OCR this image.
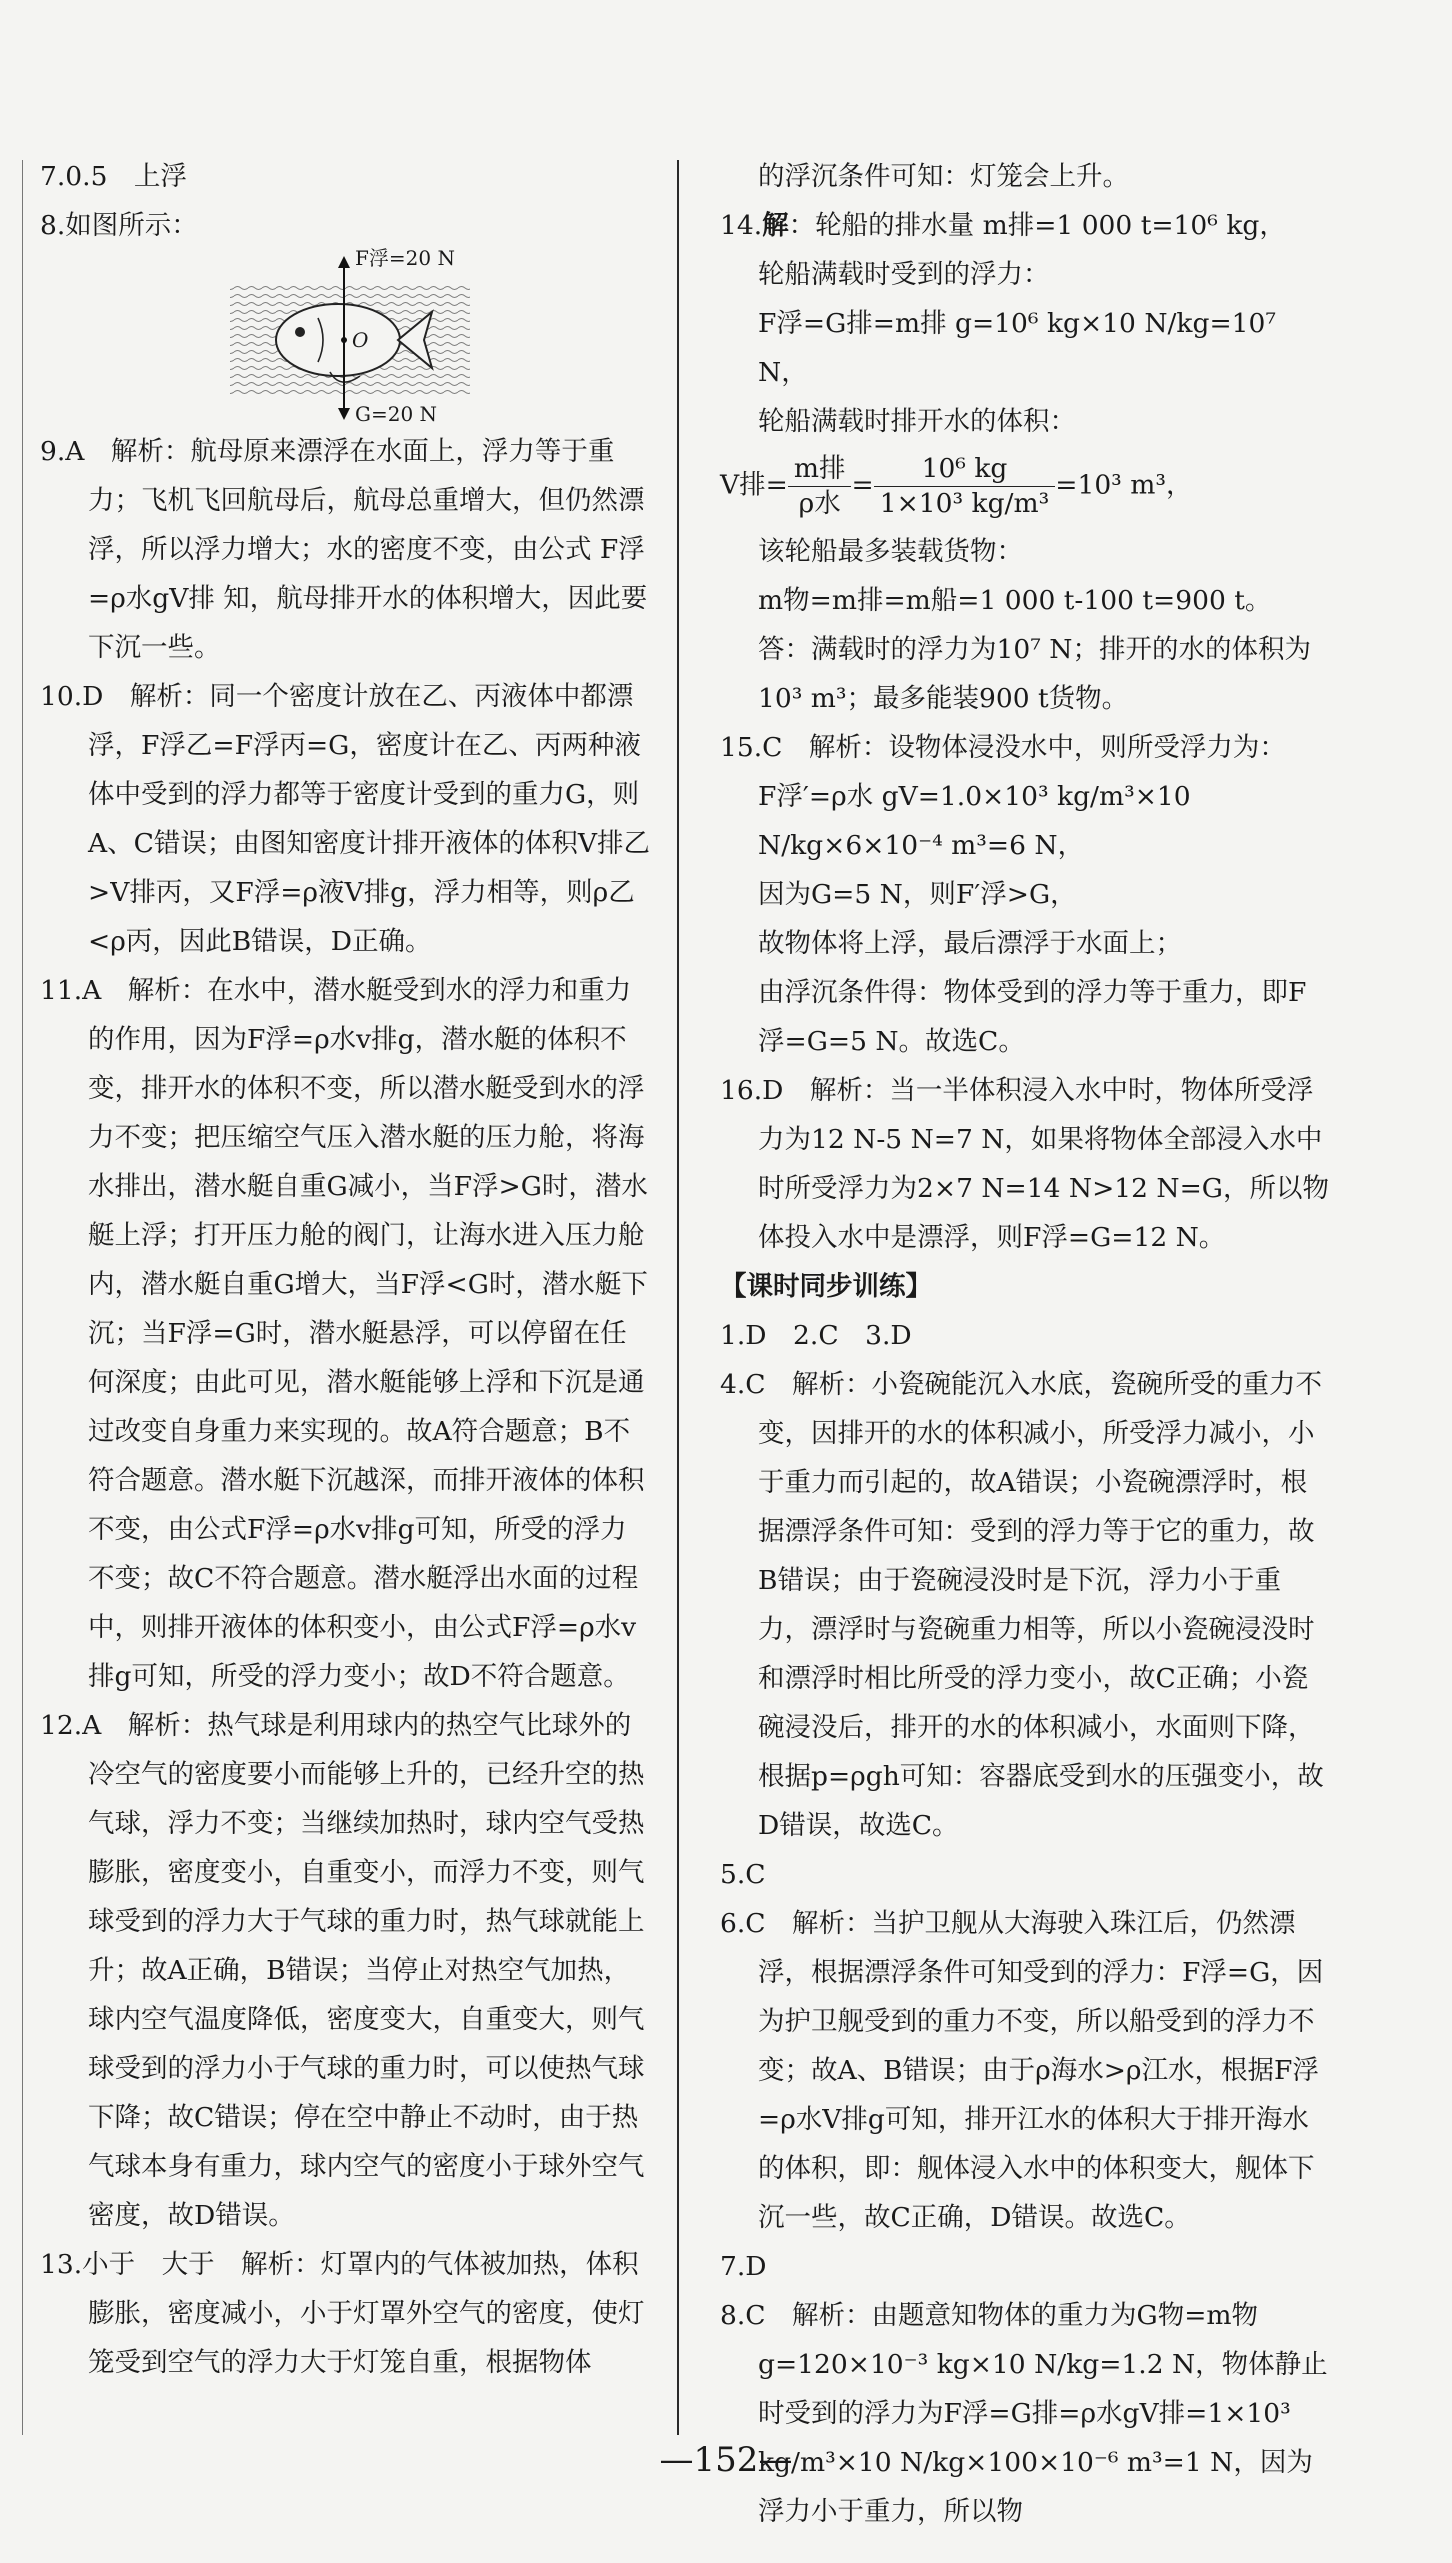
7.0.5　上浮

8.如图所示：

F浮=20 N
O
G=20 N

9.A　解析：航母原来漂浮在水面上，浮力等于重力；飞机飞回航母后，航母总重增大，但仍然漂浮，所以浮力增大；水的密度不变，由公式 F浮=ρ水gV排 知，航母排开水的体积增大，因此要下沉一些。

10.D　解析：同一个密度计放在乙、丙液体中都漂浮，F浮乙=F浮丙=G，密度计在乙、丙两种液体中受到的浮力都等于密度计受到的重力G，则A、C错误；由图知密度计排开液体的体积V排乙>V排丙，又F浮=ρ液V排g，浮力相等，则ρ乙<ρ丙，因此B错误，D正确。

11.A　解析：在水中，潜水艇受到水的浮力和重力的作用，因为F浮=ρ水v排g，潜水艇的体积不变，排开水的体积不变，所以潜水艇受到水的浮力不变；把压缩空气压入潜水艇的压力舱，将海水排出，潜水艇自重G减小，当F浮>G时，潜水艇上浮；打开压力舱的阀门，让海水进入压力舱内，潜水艇自重G增大，当F浮<G时，潜水艇下沉；当F浮=G时，潜水艇悬浮，可以停留在任何深度；由此可见，潜水艇能够上浮和下沉是通过改变自身重力来实现的。故A符合题意；B不符合题意。潜水艇下沉越深，而排开液体的体积不变，由公式F浮=ρ水v排g可知，所受的浮力不变；故C不符合题意。潜水艇浮出水面的过程中，则排开液体的体积变小，由公式F浮=ρ水v排g可知，所受的浮力变小；故D不符合题意。

12.A　解析：热气球是利用球内的热空气比球外的冷空气的密度要小而能够上升的，已经升空的热气球，浮力不变；当继续加热时，球内空气受热膨胀，密度变小，自重变小，而浮力不变，则气球受到的浮力大于气球的重力时，热气球就能上升；故A正确，B错误；当停止对热空气加热，球内空气温度降低，密度变大，自重变大，则气球受到的浮力小于气球的重力时，可以使热气球下降；故C错误；停在空中静止不动时，由于热气球本身有重力，球内空气的密度小于球外空气密度，故D错误。

13.小于　大于　解析：灯罩内的气体被加热，体积膨胀，密度减小，小于灯罩外空气的密度，使灯笼受到空气的浮力大于灯笼自重，根据物体

的浮沉条件可知：灯笼会上升。

14.解：轮船的排水量 m排=1 000 t=10⁶ kg，

轮船满载时受到的浮力：

F浮=G排=m排 g=10⁶ kg×10 N/kg=10⁷ N，

轮船满载时排开水的体积：

V排= $\frac{\text{m排}}{\text{ρ水}} = \frac{\text{10⁶ kg}}{\text{1×10³ kg/m³}} =10^3$ m³，

该轮船最多装载货物：

m物=m排=m船=1 000 t-100 t=900 t。

答：满载时的浮力为10⁷ N；排开的水的体积为10³ m³；最多能装900 t货物。

15.C　解析：设物体浸没水中，则所受浮力为：

F浮′=ρ水 gV=1.0×10³ kg/m³×10 N/kg×6×10⁻⁴ m³=6 N，

因为G=5 N，则F′浮>G，

故物体将上浮，最后漂浮于水面上；

由浮沉条件得：物体受到的浮力等于重力，即F浮=G=5 N。故选C。

16.D　解析：当一半体积浸入水中时，物体所受浮力为12 N-5 N=7 N，如果将物体全部浸入水中时所受浮力为2×7 N=14 N>12 N=G，所以物体投入水中是漂浮，则F浮=G=12 N。

【课时同步训练】

1.D　2.C　3.D

4.C　解析：小瓷碗能沉入水底，瓷碗所受的重力不变，因排开的水的体积减小，所受浮力减小，小于重力而引起的，故A错误；小瓷碗漂浮时，根据漂浮条件可知：受到的浮力等于它的重力，故B错误；由于瓷碗浸没时是下沉，浮力小于重力，漂浮时与瓷碗重力相等，所以小瓷碗浸没时和漂浮时相比所受的浮力变小，故C正确；小瓷碗浸没后，排开的水的体积减小，水面则下降，根据p=ρgh可知：容器底受到水的压强变小，故D错误，故选C。

5.C

6.C　解析：当护卫舰从大海驶入珠江后，仍然漂浮，根据漂浮条件可知受到的浮力：F浮=G，因为护卫舰受到的重力不变，所以船受到的浮力不变；故A、B错误；由于ρ海水>ρ江水，根据F浮=ρ水V排g可知，排开江水的体积大于排开海水的体积，即：舰体浸入水中的体积变大，舰体下沉一些，故C正确，D错误。故选C。

7.D

8.C　解析：由题意知物体的重力为G物=m物g=120×10⁻³ kg×10 N/kg=1.2 N，物体静止时受到的浮力为F浮=G排=ρ水gV排=1×10³ kg/m³×10 N/kg×100×10⁻⁶ m³=1 N，因为浮力小于重力，所以物

—152—
